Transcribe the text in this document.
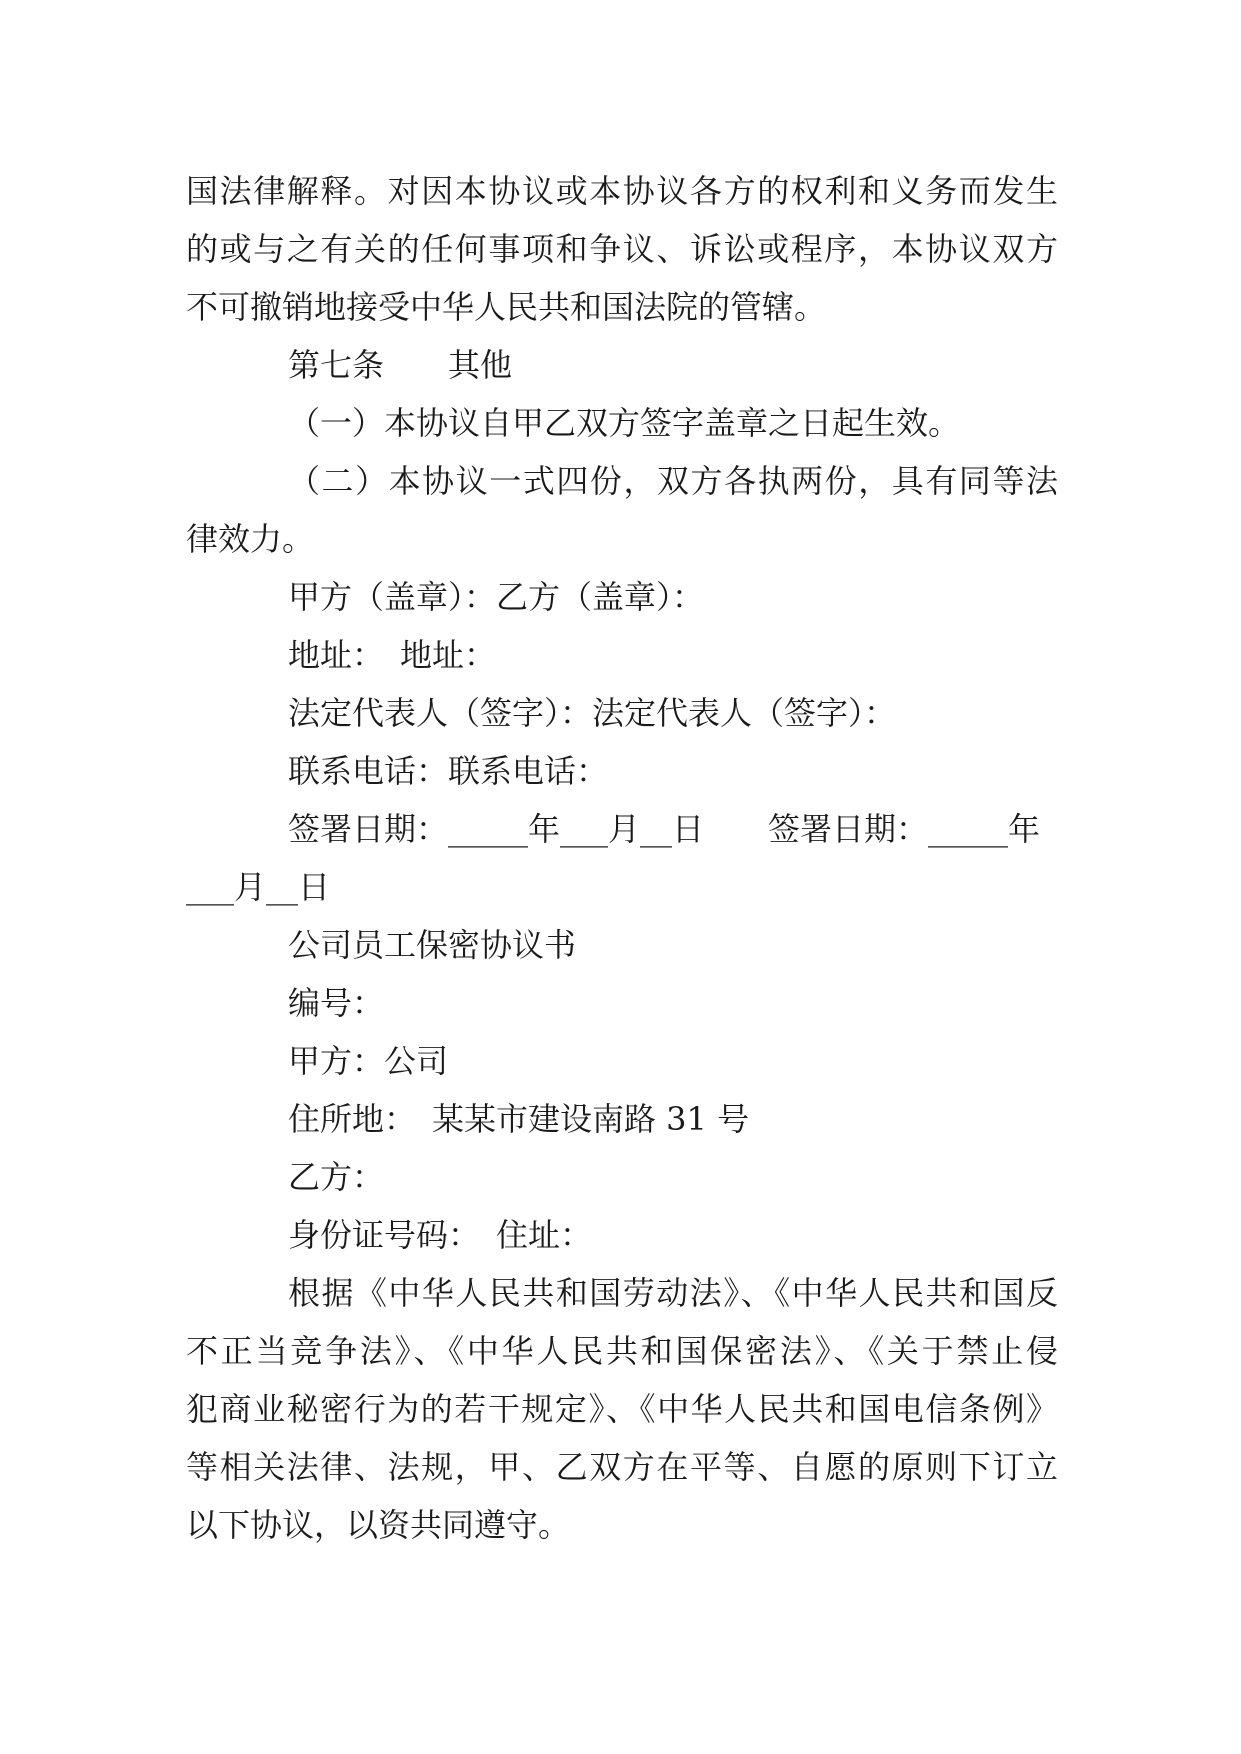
国法律解释。对因本协议或本协议各方的权利和义务而发生
的或与之有关的任何事项和争议、诉讼或程序，本协议双方
不可撤销地接受中华人民共和国法院的管辖。
第七条　　其他
（一）本协议自甲乙双方签字盖章之日起生效。
（二）本协议一式四份，双方各执两份，具有同等法
律效力。
甲方（盖章）：乙方（盖章）：
地址：　地址：
法定代表人（签字）：法定代表人（签字）：
联系电话：联系电话：
签署日期：_____年___月__日　　签署日期：_____年
___月__日
公司员工保密协议书
编号：
甲方：公司
住所地：　某某市建设南路 31 号
乙方：
身份证号码：　住址：
根据《中华人民共和国劳动法》、《中华人民共和国反
不正当竞争法》、《中华人民共和国保密法》、《关于禁止侵
犯商业秘密行为的若干规定》、《中华人民共和国电信条例》
等相关法律、法规，甲、乙双方在平等、自愿的原则下订立
以下协议，以资共同遵守。
